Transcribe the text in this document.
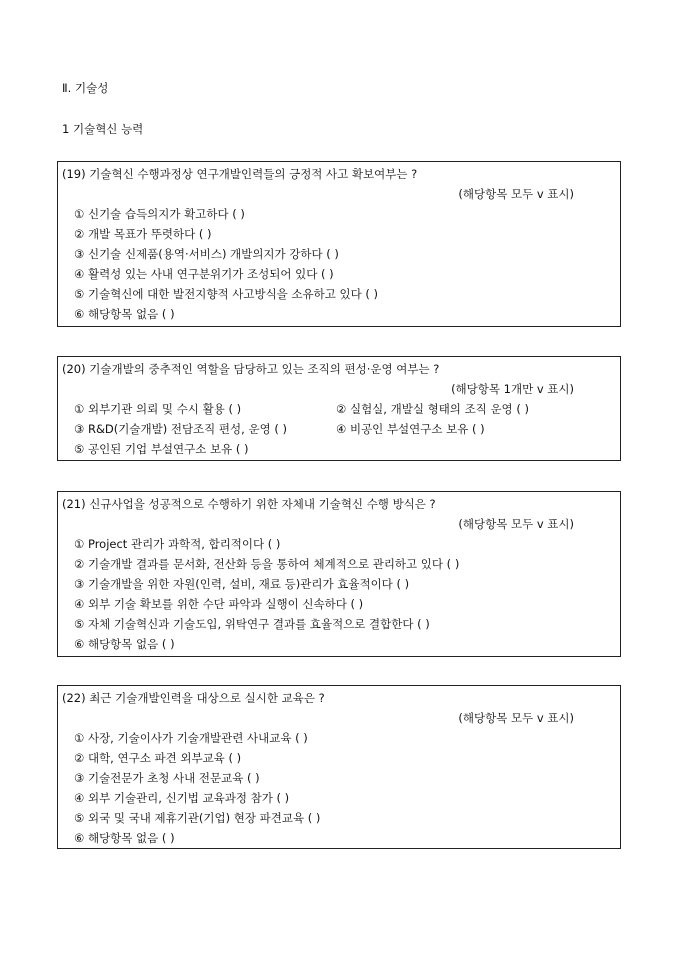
Ⅱ. 기술성
1 기술혁신 능력
(19) 기술혁신 수행과정상 연구개발인력들의 긍정적 사고 확보여부는 ?
(해당항목 모두 v 표시)
① 신기술 습득의지가 확고하다 ( )
② 개발 목표가 뚜렷하다 ( )
③ 신기술 신제품(용역·서비스) 개발의지가 강하다 ( )
④ 활력성 있는 사내 연구분위기가 조성되어 있다 ( )
⑤ 기술혁신에 대한 발전지향적 사고방식을 소유하고 있다 ( )
⑥ 해당항목 없음 ( )
(20) 기술개발의 중추적인 역할을 담당하고 있는 조직의 편성·운영 여부는 ?
(해당항목 1개만 v 표시)
① 외부기관 의뢰 및 수시 활용 ( )	② 실험실, 개발실 형태의 조직 운영 ( )
③ R&D(기술개발) 전담조직 편성, 운영 ( )	④ 비공인 부설연구소 보유 ( )
⑤ 공인된 기업 부설연구소 보유 ( )
(21) 신규사업을 성공적으로 수행하기 위한 자체내 기술혁신 수행 방식은 ?
(해당항목 모두 v 표시)
① Project 관리가 과학적, 합리적이다 ( )
② 기술개발 결과를 문서화, 전산화 등을 통하여 체계적으로 관리하고 있다 ( )
③ 기술개발을 위한 자원(인력, 설비, 재료 등)관리가 효율적이다 ( )
④ 외부 기술 확보를 위한 수단 파악과 실행이 신속하다 ( )
⑤ 자체 기술혁신과 기술도입, 위탁연구 결과를 효율적으로 결합한다 ( )
⑥ 해당항목 없음 ( )
(22) 최근 기술개발인력을 대상으로 실시한 교육은 ?
(해당항목 모두 v 표시)
① 사장, 기술이사가 기술개발관련 사내교육 ( )
② 대학, 연구소 파견 외부교육 ( )
③ 기술전문가 초청 사내 전문교육 ( )
④ 외부 기술관리, 신기법 교육과정 참가 ( )
⑤ 외국 및 국내 제휴기관(기업) 현장 파견교육 ( )
⑥ 해당항목 없음 ( )
